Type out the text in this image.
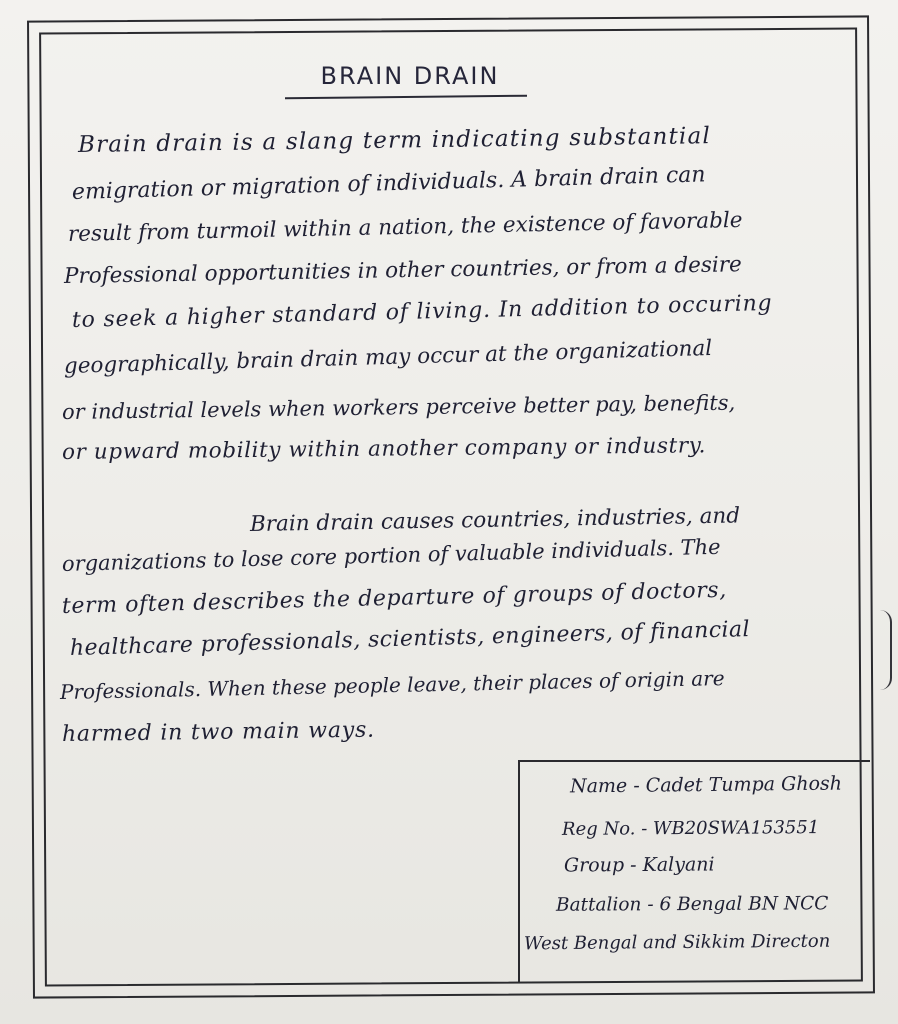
BRAIN DRAIN
Brain drain is a slang term indicating substantial
emigration or migration of individuals. A brain drain can
result from turmoil within a nation, the existence of favorable
Professional opportunities in other countries, or from a desire
to seek a higher standard of living. In addition to occuring
geographically, brain drain may occur at the organizational
or industrial levels when workers perceive better pay, benefits,
or upward mobility within another company or industry.
Brain drain causes countries, industries, and
organizations to lose core portion of valuable individuals. The
term often describes the departure of groups of doctors,
healthcare professionals, scientists, engineers, of financial
Professionals. When these people leave, their places of origin are
harmed in two main ways.
Name - Cadet Tumpa Ghosh
Reg No. - WB20SWA153551
Group - Kalyani
Battalion - 6 Bengal BN NCC
West Bengal and Sikkim Directon
